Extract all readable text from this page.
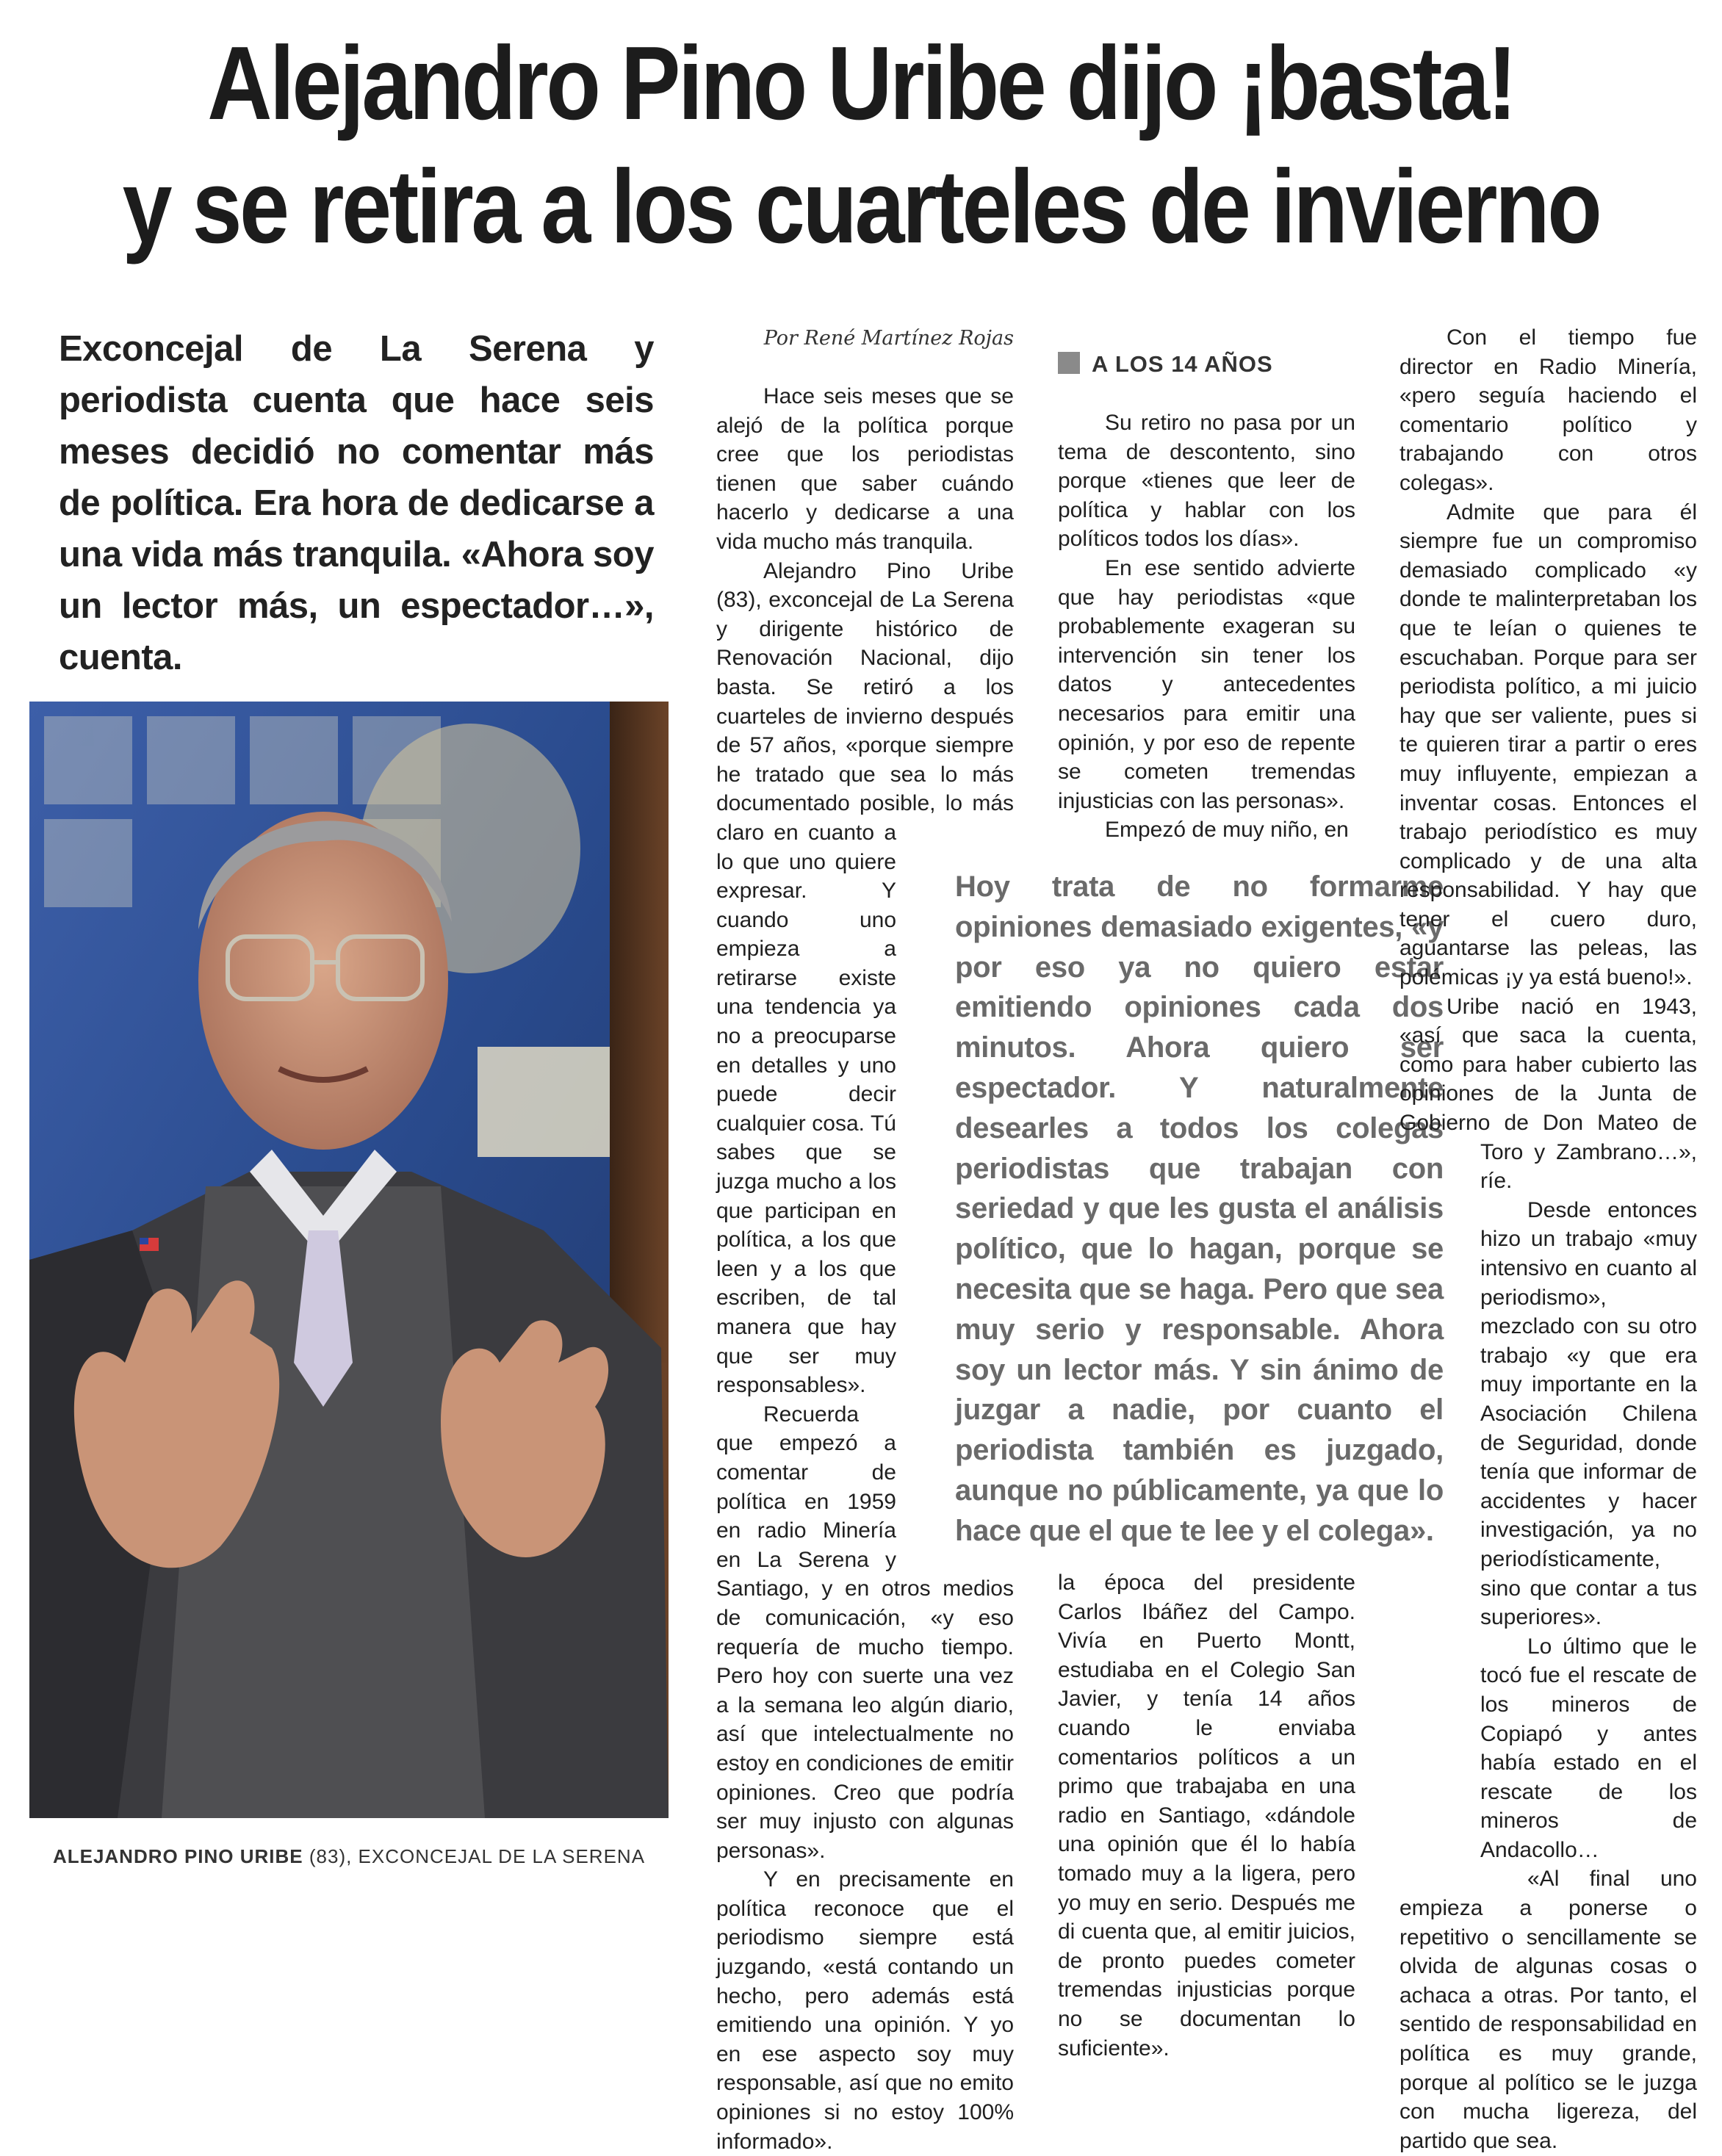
Alejandro Pino Uribe dijo ¡basta!
y se retira a los cuarteles de invierno
Exconcejal de La Serena y periodista cuenta que hace seis meses decidió no comentar más de política. Era hora de dedicarse a una vida más tranquila. «Ahora soy un lector más, un espectador…», cuenta.
ALEJANDRO PINO URIBE (83), EXCONCEJAL DE LA SERENA
Por René Martínez Rojas

Hace seis meses que se alejó de la política porque cree que los periodistas tienen que saber cuándo hacerlo y dedicarse a una vida mucho más tranquila.

Alejandro Pino Uribe (83), exconcejal de La Serena y dirigente histórico de Renovación Nacional, dijo basta. Se retiró a los cuarteles de invierno después de 57 años, «porque siempre he tratado que sea lo más documentado posible, lo más claro en cuanto a lo que uno quiere expresar. Y cuando uno empieza a retirarse existe una tendencia ya no a preocuparse en detalles y uno puede decir cualquier cosa. Tú sabes que se juzga mucho a los que participan en política, a los que leen y a los que escriben, de tal manera que hay que ser muy responsables».

Recuerda que empezó a comentar de política en 1959 en radio Minería en La Serena y Santiago, y en otros medios de comunicación, «y eso requería de mucho tiempo. Pero hoy con suerte una vez a la semana leo algún diario, así que intelectualmente no estoy en condiciones de emitir opiniones. Creo que podría ser muy injusto con algunas personas».

Y en precisamente en política reconoce que el periodismo siempre está juzgando, «está contando un hecho, pero además está emitiendo una opinión. Y yo en ese aspecto soy muy responsable, así que no emito opiniones si no estoy 100% informado».

A LOS 14 AÑOS

Su retiro no pasa por un tema de descontento, sino porque «tienes que leer de política y hablar con los políticos todos los días».

En ese sentido advierte que hay periodistas «que probablemente exageran su intervención sin tener los datos y antecedentes necesarios para emitir una opinión, y por eso de repente se cometen tremendas injusticias con las personas».

Empezó de muy niño, en

Hoy trata de no formarme opiniones demasiado exigentes, «y por eso ya no quiero estar emitiendo opiniones cada dos minutos. Ahora quiero ser espectador. Y naturalmente desearles a todos los colegas periodistas que trabajan con seriedad y que les gusta el análisis político, que lo hagan, porque se necesita que se haga. Pero que sea muy serio y responsable. Ahora soy un lector más. Y sin ánimo de juzgar a nadie, por cuanto el periodista también es juzgado, aunque no públicamente, ya que lo hace que el que te lee y el colega».

la época del presidente Carlos Ibáñez del Campo. Vivía en Puerto Montt, estudiaba en el Colegio San Javier, y tenía 14 años cuando le enviaba comentarios políticos a un primo que trabajaba en una radio en Santiago, «dándole una opinión que él lo había tomado muy a la ligera, pero yo muy en serio. Después me di cuenta que, al emitir juicios, de pronto puedes cometer tremendas injusticias porque no se documentan lo suficiente».

Con el tiempo fue director en Radio Minería, «pero seguía haciendo el comentario político y trabajando con otros colegas».

Admite que para él siempre fue un compromiso demasiado complicado «y donde te malinterpretaban los que te leían o quienes te escuchaban. Porque para ser periodista político, a mi juicio hay que ser valiente, pues si te quieren tirar a partir o eres muy influyente, empiezan a inventar cosas. Entonces el trabajo periodístico es muy complicado y de una alta responsabilidad. Y hay que tener el cuero duro, aguantarse las peleas, las polémicas ¡y ya está bueno!».

Uribe nació en 1943, «así que saca la cuenta, como para haber cubierto las opiniones de la Junta de Gobierno de Don Mateo de Toro y Zambrano…», ríe.

Desde entonces hizo un trabajo «muy intensivo en cuanto al periodismo», mezclado con su otro trabajo «y que era muy importante en la Asociación Chilena de Seguridad, donde tenía que informar de accidentes y hacer investigación, ya no periodísticamente, sino que contar a tus superiores».

Lo último que le tocó fue el rescate de los mineros de Copiapó y antes había estado en el rescate de los mineros de Andacollo…

«Al final uno empieza a ponerse o repetitivo o sencillamente se olvida de algunas cosas o achaca a otras. Por tanto, el sentido de responsabilidad en política es muy grande, porque al político se le juzga con mucha ligereza, del partido que sea.
